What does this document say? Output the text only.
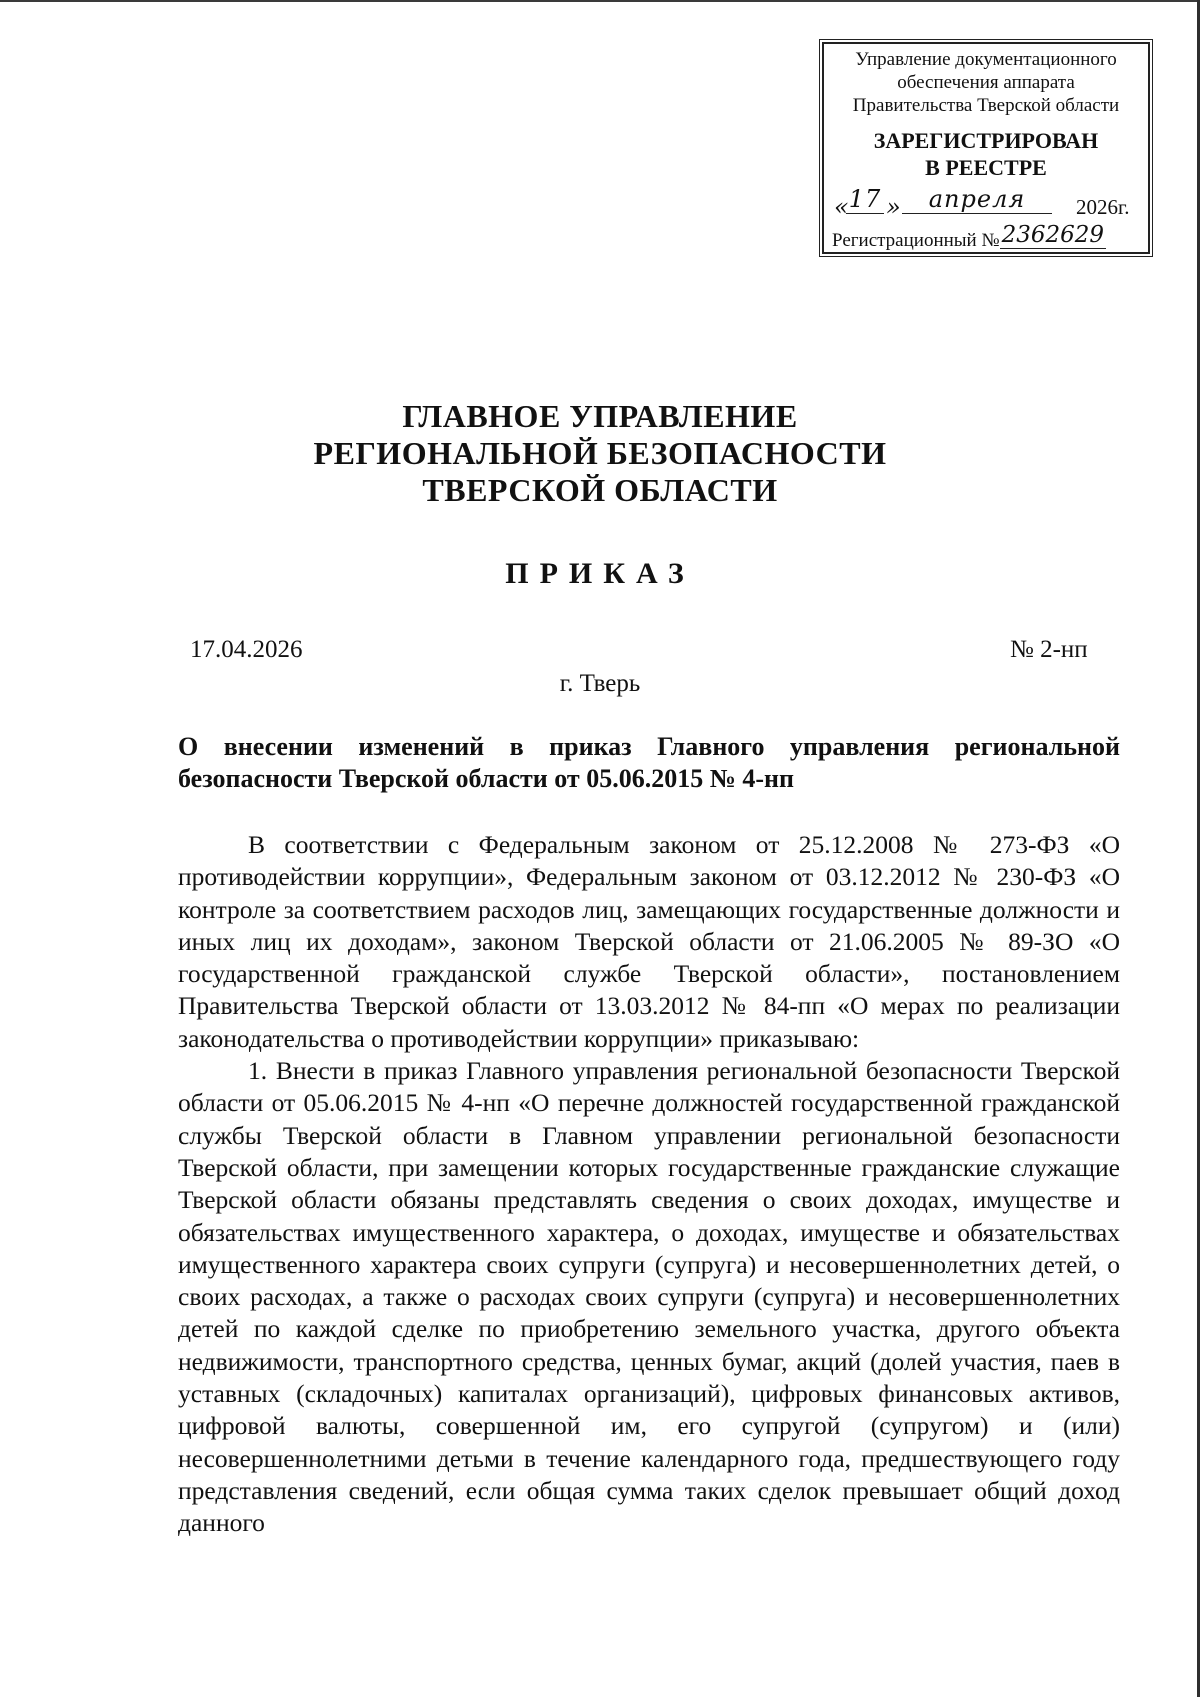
Управление документационного
обеспечения аппарата
Правительства Тверской области
ЗАРЕГИСТРИРОВАН
В РЕЕСТРЕ
« 17 »	апреля	2026г.
Регистрационный №2362629
ГЛАВНОЕ УПРАВЛЕНИЕ
РЕГИОНАЛЬНОЙ БЕЗОПАСНОСТИ
ТВЕРСКОЙ ОБЛАСТИ
ПРИКАЗ
17.04.2026	№ 2-нп
г. Тверь
О внесении изменений в приказ Главного управления региональной безопасности Тверской области от 05.06.2015 № 4-нп

В соответствии с Федеральным законом от 25.12.2008 № 273-ФЗ «О противодействии коррупции», Федеральным законом от 03.12.2012 № 230-ФЗ «О контроле за соответствием расходов лиц, замещающих государственные должности и иных лиц их доходам», законом Тверской области от 21.06.2005 № 89-ЗО «О государственной гражданской службе Тверской области», постановлением Правительства Тверской области от 13.03.2012 № 84-пп «О мерах по реализации законодательства о противодействии коррупции» приказываю:

1. Внести в приказ Главного управления региональной безопасности Тверской области от 05.06.2015 № 4-нп «О перечне должностей государственной гражданской службы Тверской области в Главном управлении региональной безопасности Тверской области, при замещении которых государственные гражданские служащие Тверской области обязаны представлять сведения о своих доходах, имуществе и обязательствах имущественного характера, о доходах, имуществе и обязательствах имущественного характера своих супруги (супруга) и несовершеннолетних детей, о своих расходах, а также о расходах своих супруги (супруга) и несовершеннолетних детей по каждой сделке по приобретению земельного участка, другого объекта недвижимости, транспортного средства, ценных бумаг, акций (долей участия, паев в уставных (складочных) капиталах организаций), цифровых финансовых активов, цифровой валюты, совершенной им, его супругой (супругом) и (или) несовершеннолетними детьми в течение календарного года, предшествующего году представления сведений, если общая сумма таких сделок превышает общий доход данного
